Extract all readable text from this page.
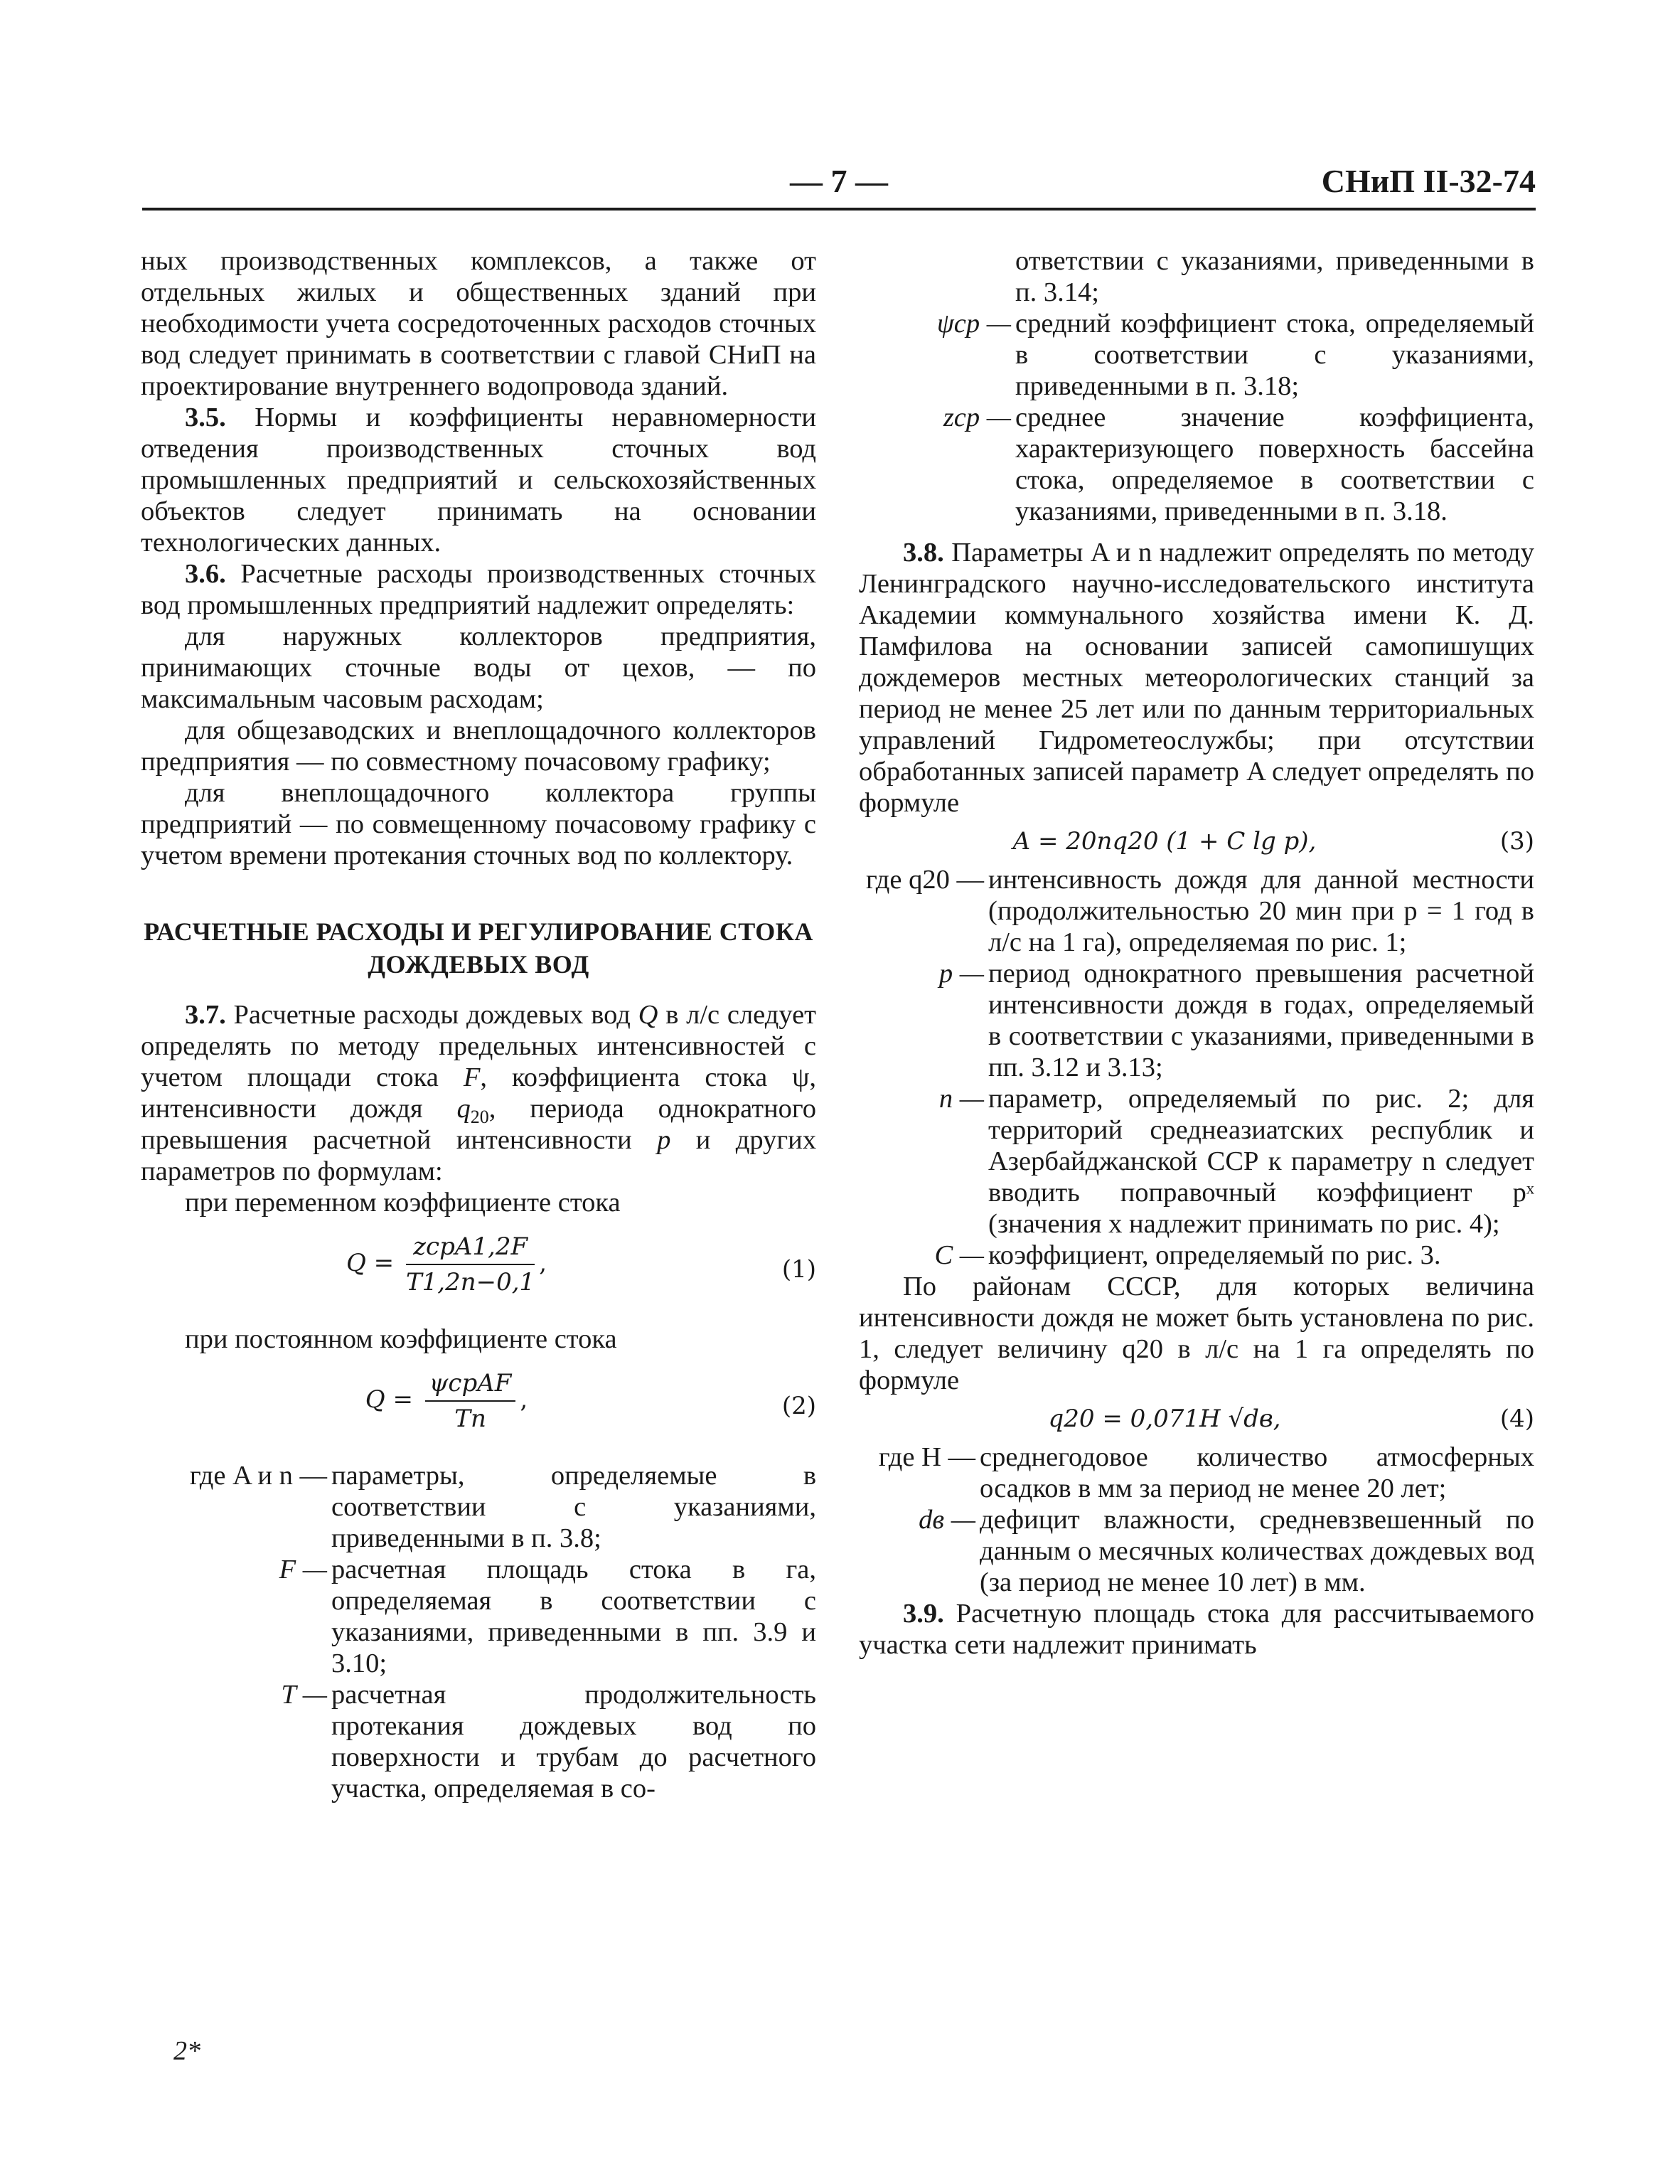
— 7 —	СНиП II-32-74

ных производственных комплексов, а также от отдельных жилых и общественных зданий при необходимости учета сосредоточенных расходов сточных вод следует принимать в соответствии с главой СНиП на проектирование внутреннего водопровода зданий.

3.5. Нормы и коэффициенты неравномерности отведения производственных сточных вод промышленных предприятий и сельскохозяйственных объектов следует принимать на основании технологических данных.

3.6. Расчетные расходы производственных сточных вод промышленных предприятий надлежит определять:

для наружных коллекторов предприятия, принимающих сточные воды от цехов, — по максимальным часовым расходам;

для общезаводских и внеплощадочного коллекторов предприятия — по совместному почасовому графику;

для внеплощадочного коллектора группы предприятий — по совмещенному почасовому графику с учетом времени протекания сточных вод по коллектору.

РАСЧЕТНЫЕ РАСХОДЫ И РЕГУЛИРОВАНИЕ СТОКА ДОЖДЕВЫХ ВОД

3.7. Расчетные расходы дождевых вод Q в л/с следует определять по методу предельных интенсивностей с учетом площади стока F, коэффициента стока ψ, интенсивности дождя $q_{20}$, периода однократного превышения расчетной интенсивности p и других параметров по формулам:

при переменном коэффициенте стока

$Q = \frac{\text{zсрA1,2F}}{T1,2n-0,1}$ ,	(1)

при постоянном коэффициенте стока

$Q = \frac{\text{ψсрAF}}{Tn}$ ,	(2)
где A и n — параметры, определяемые в соответствии с указаниями, приведенными в п. 3.8;
F — расчетная площадь стока в га, определяемая в соответствии с указаниями, приведенными в пп. 3.9 и 3.10;
T — расчетная продолжительность протекания дождевых вод по поверхности и трубам до расчетного участка, определяемая в со-
ответствии с указаниями, приведенными в п. 3.14;
ψср — средний коэффициент стока, определяемый в соответствии с указаниями, приведенными в п. 3.18;
zср — среднее значение коэффициента, характеризующего поверхность бассейна стока, определяемое в соответствии с указаниями, приведенными в п. 3.18.

3.8. Параметры A и n надлежит определять по методу Ленинградского научно-исследовательского института Академии коммунального хозяйства имени К. Д. Памфилова на основании записей самопишущих дождемеров местных метеорологических станций за период не менее 25 лет или по данным территориальных управлений Гидрометеослужбы; при отсутствии обработанных записей параметр A следует определять по формуле

A = 20nq20 (1 + C lg p),	(3)
где q20 — интенсивность дождя для данной местности (продолжительностью 20 мин при p = 1 год в л/с на 1 га), определяемая по рис. 1;
p — период однократного превышения расчетной интенсивности дождя в годах, определяемый в соответствии с указаниями, приведенными в пп. 3.12 и 3.13;
n — параметр, определяемый по рис. 2; для территорий среднеазиатских республик и Азербайджанской ССР к параметру n следует вводить поправочный коэффициент pˣ (значения x надлежит принимать по рис. 4);
C — коэффициент, определяемый по рис. 3.

По районам СССР, для которых величина интенсивности дождя не может быть установлена по рис. 1, следует величину q20 в л/с на 1 га определять по формуле

q20 = 0,071H √dв,	(4)
где H — среднегодовое количество атмосферных осадков в мм за период не менее 20 лет;
dв — дефицит влажности, средневзвешенный по данным о месячных количествах дождевых вод (за период не менее 10 лет) в мм.

3.9. Расчетную площадь стока для рассчитываемого участка сети надлежит принимать

2*
